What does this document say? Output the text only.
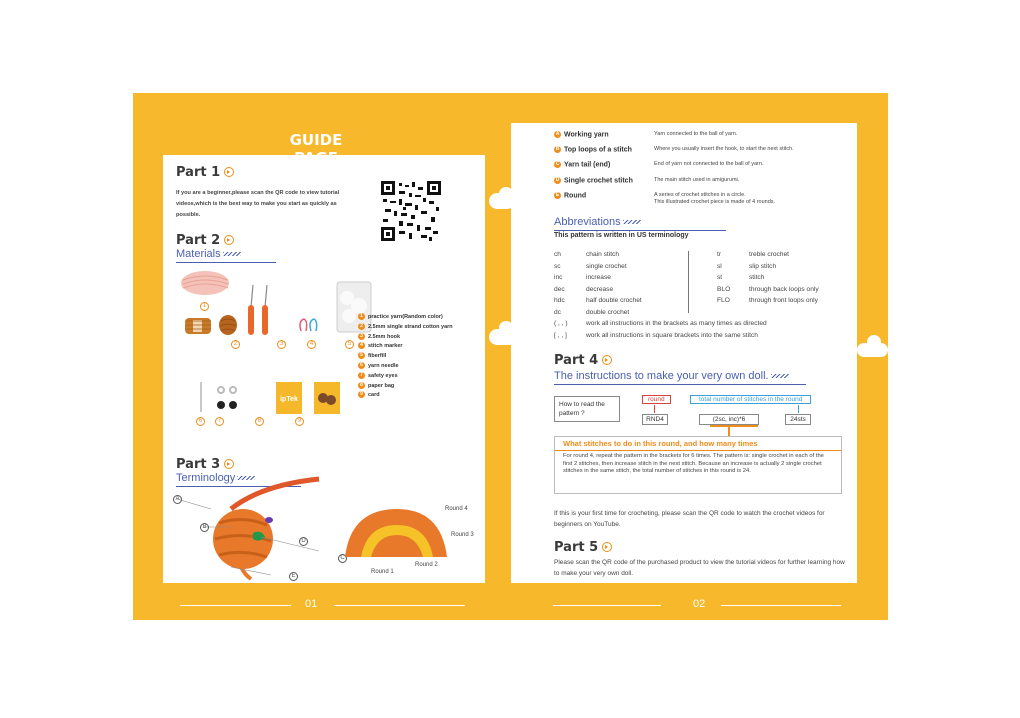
GUIDE
Part 1
If you are a beginner,please scan the QR code to view tutorial videos,which is the best way to make you start as quickly as possible.
Part 2
Materials
1
2	3	4	5
1 practice yarn(Random color)
2 2.5mm single strand cotton yarn
3 2.5mm hook
4 stitch marker
5 fiberfill
6 yarn needle
7 safety eyes
8 paper bag
9 card
ipTek
6	7	8	9
Part 3
Terminology
A
B
D
C
E
Round 4
Round 3
Round 2
Round 1
01
A Working yarn	Yarn connected to the ball of yarn.
B Top loops of a stitch	Where you usually insert the hook, to start the next stitch.
C Yarn tail (end)	End of yarn not connected to the ball of yarn.
D Single crochet stitch	The main stitch used in amigurumi.
E Round	A series of crochet stitches in a circle.
This illustrated crochet piece is made of 4 rounds.
Abbreviations
This pattern is written in US terminology
ch	chain stitch
sc	single crochet
inc	increase
dec	decrease
hdc	half double crochet
dc	double crochet
( , , )	work all instructions in the brackets as many times as directed
[ , , ]	work all instructions in square brackets into the same stitch
tr	treble crochet
sl	slip stitch
st	stitch
BLO	through back loops only
FLO	through front loops only
Part 4
The instructions to make your very own doll.
How to read the pattern ?
round	total number of stitches in the round
RND4	(2sc, inc)*6	24sts
What stitches to do in this round, and how many times
For round 4, repeat the pattern in the brackets for 6 times. The pattern is: single crochet in each of the first 2 stitches, then increase stitch in the next stitch. Because an increase is actually 2 single crochet stitches in the same stitch, the total number of stitches in this round is 24.
If this is your first time for crocheting, please scan the QR code to watch the crochet videos for beginners on YouTube.
Part 5
Please scan the QR code of the purchased product to view the tutorial videos for further learning how to make your very own doll.
02
